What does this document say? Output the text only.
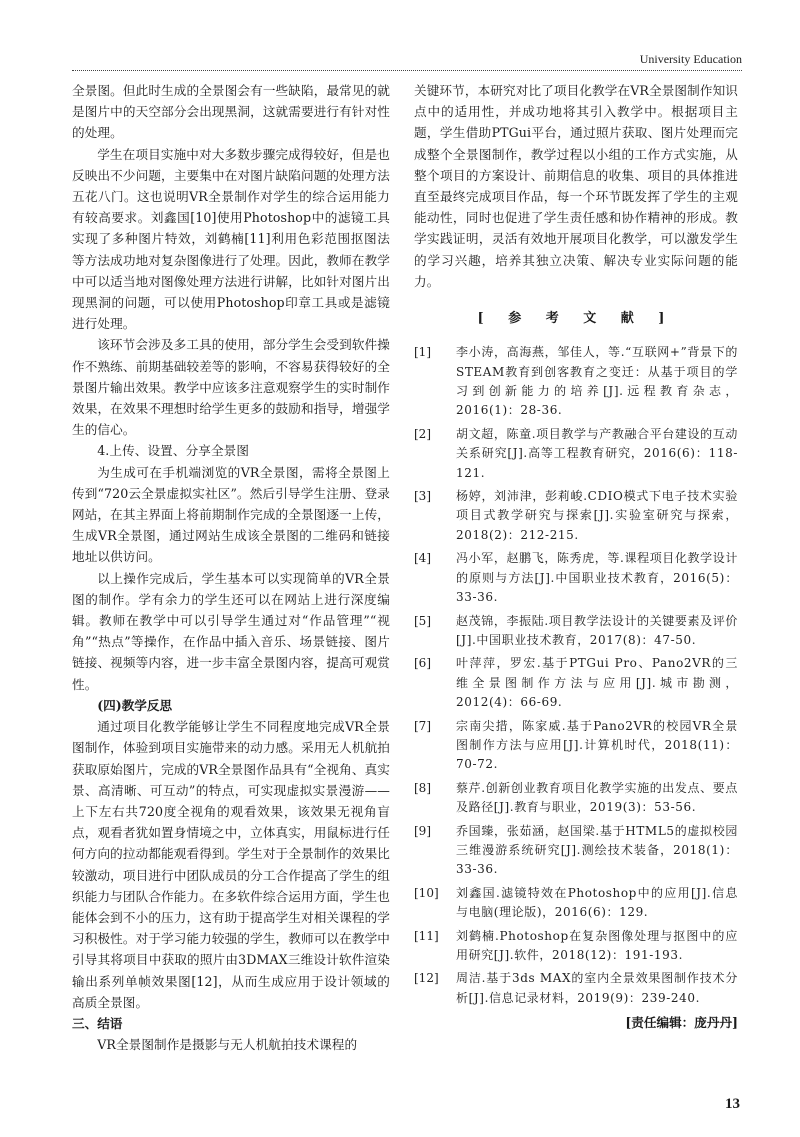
University Education

全景图。但此时生成的全景图会有一些缺陷，最常见的就是图片中的天空部分会出现黑洞，这就需要进行有针对性的处理。

学生在项目实施中对大多数步骤完成得较好，但是也反映出不少问题，主要集中在对图片缺陷问题的处理方法五花八门。这也说明VR全景制作对学生的综合运用能力有较高要求。刘鑫国[10]使用Photoshop中的滤镜工具实现了多种图片特效，刘鹤楠[11]利用色彩范围抠图法等方法成功地对复杂图像进行了处理。因此，教师在教学中可以适当地对图像处理方法进行讲解，比如针对图片出现黑洞的问题，可以使用Photoshop印章工具或是滤镜进行处理。

该环节会涉及多工具的使用，部分学生会受到软件操作不熟练、前期基础较差等的影响，不容易获得较好的全景图片输出效果。教学中应该多注意观察学生的实时制作效果，在效果不理想时给学生更多的鼓励和指导，增强学生的信心。

4.上传、设置、分享全景图

为生成可在手机端浏览的VR全景图，需将全景图上传到“720云全景虚拟实社区”。然后引导学生注册、登录网站，在其主界面上将前期制作完成的全景图逐一上传，生成VR全景图，通过网站生成该全景图的二维码和链接地址以供访问。

以上操作完成后，学生基本可以实现简单的VR全景图的制作。学有余力的学生还可以在网站上进行深度编辑。教师在教学中可以引导学生通过对“作品管理”“视角”“热点”等操作，在作品中插入音乐、场景链接、图片链接、视频等内容，进一步丰富全景图内容，提高可观赏性。

(四)教学反思

通过项目化教学能够让学生不同程度地完成VR全景图制作，体验到项目实施带来的动力感。采用无人机航拍获取原始图片，完成的VR全景图作品具有“全视角、真实景、高清晰、可互动”的特点，可实现虚拟实景漫游——上下左右共720度全视角的观看效果，该效果无视角盲点，观看者犹如置身情境之中，立体真实，用鼠标进行任何方向的拉动都能观看得到。学生对于全景制作的效果比较激动，项目进行中团队成员的分工合作提高了学生的组织能力与团队合作能力。在多软件综合运用方面，学生也能体会到不小的压力，这有助于提高学生对相关课程的学习积极性。对于学习能力较强的学生，教师可以在教学中引导其将项目中获取的照片由3DMAX三维设计软件渲染输出系列单帧效果图[12]，从而生成应用于设计领域的高质全景图。

三、结语

VR全景图制作是摄影与无人机航拍技术课程的

关键环节，本研究对比了项目化教学在VR全景图制作知识点中的适用性，并成功地将其引入教学中。根据项目主题，学生借助PTGui平台，通过照片获取、图片处理而完成整个全景图制作，教学过程以小组的工作方式实施，从整个项目的方案设计、前期信息的收集、项目的具体推进直至最终完成项目作品，每一个环节既发挥了学生的主观能动性，同时也促进了学生责任感和协作精神的形成。教学实践证明，灵活有效地开展项目化教学，可以激发学生的学习兴趣，培养其独立决策、解决专业实际问题的能力。

[ 参 考 文 献 ]
[1]	李小涛，高海燕，邹佳人，等.“互联网+”背景下的STEAM教育到创客教育之变迁：从基于项目的学习到创新能力的培养[J].远程教育杂志，2016(1)：28-36.
[2]	胡文超，陈童.项目教学与产教融合平台建设的互动关系研究[J].高等工程教育研究，2016(6)：118-121.
[3]	杨婷，刘沛津，彭莉峻.CDIO模式下电子技术实验项目式教学研究与探索[J].实验室研究与探索，2018(2)：212-215.
[4]	冯小军，赵鹏飞，陈秀虎，等.课程项目化教学设计的原则与方法[J].中国职业技术教育，2016(5)：33-36.
[5]	赵茂锦，李振陆.项目教学法设计的关键要素及评价[J].中国职业技术教育，2017(8)：47-50.
[6]	叶萍萍，罗宏.基于PTGui Pro、Pano2VR的三维全景图制作方法与应用[J].城市勘测，2012(4)：66-69.
[7]	宗南尖措，陈家威.基于Pano2VR的校园VR全景图制作方法与应用[J].计算机时代，2018(11)：70-72.
[8]	蔡芹.创新创业教育项目化教学实施的出发点、要点及路径[J].教育与职业，2019(3)：53-56.
[9]	乔国臻，张茹涵，赵国梁.基于HTML5的虚拟校园三维漫游系统研究[J].测绘技术装备，2018(1)：33-36.
[10]	刘鑫国.滤镜特效在Photoshop中的应用[J].信息与电脑(理论版)，2016(6)：129.
[11]	刘鹤楠.Photoshop在复杂图像处理与抠图中的应用研究[J].软件，2018(12)：191-193.
[12]	周洁.基于3ds MAX的室内全景效果图制作技术分析[J].信息记录材料，2019(9)：239-240.
[责任编辑：庞丹丹]
13
